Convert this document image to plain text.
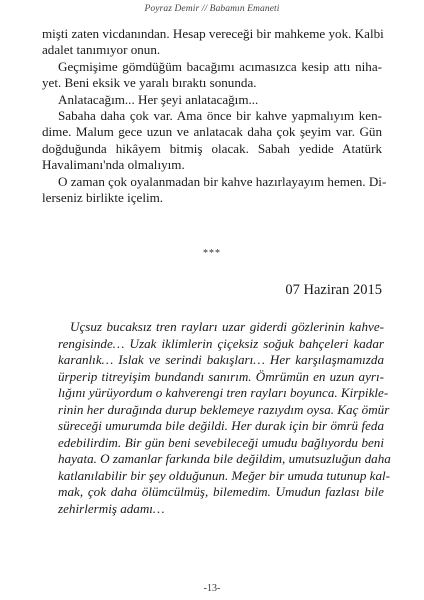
Poyraz Demir // Babamın Emaneti
mişti zaten vicdanından. Hesap vereceği bir mahkeme yok. Kalbi
adalet tanımıyor onun.
Geçmişime gömdüğüm bacağımı acımasızca kesip attı niha-
yet. Beni eksik ve yaralı bıraktı sonunda.
Anlatacağım... Her şeyi anlatacağım...
Sabaha daha çok var. Ama önce bir kahve yapmalıyım ken-
dime. Malum gece uzun ve anlatacak daha çok şeyim var. Gün
doğduğunda hikâyem bitmiş olacak. Sabah yedide Atatürk
Havalimanı'nda olmalıyım.
O zaman çok oyalanmadan bir kahve hazırlayayım hemen. Di-
lerseniz birlikte içelim.
***
07 Haziran 2015
Uçsuz bucaksız tren rayları uzar giderdi gözlerinin kahve-
rengisinde… Uzak iklimlerin çiçeksiz soğuk bahçeleri kadar
karanlık… Islak ve serindi bakışları… Her karşılaşmamızda
ürperip titreyişim bundandı sanırım. Ömrümün en uzun ayrı-
lığını yürüyordum o kahverengi tren rayları boyunca. Kirpikle-
rinin her durağında durup beklemeye razıydım oysa. Kaç ömür
süreceği umurumda bile değildi. Her durak için bir ömrü feda
edebilirdim. Bir gün beni sevebileceği umudu bağlıyordu beni
hayata. O zamanlar farkında bile değildim, umutsuzluğun daha
katlanılabilir bir şey olduğunun. Meğer bir umuda tutunup kal-
mak, çok daha ölümcülmüş, bilemedim. Umudun fazlası bile
zehirlermiş adamı…
-13-
